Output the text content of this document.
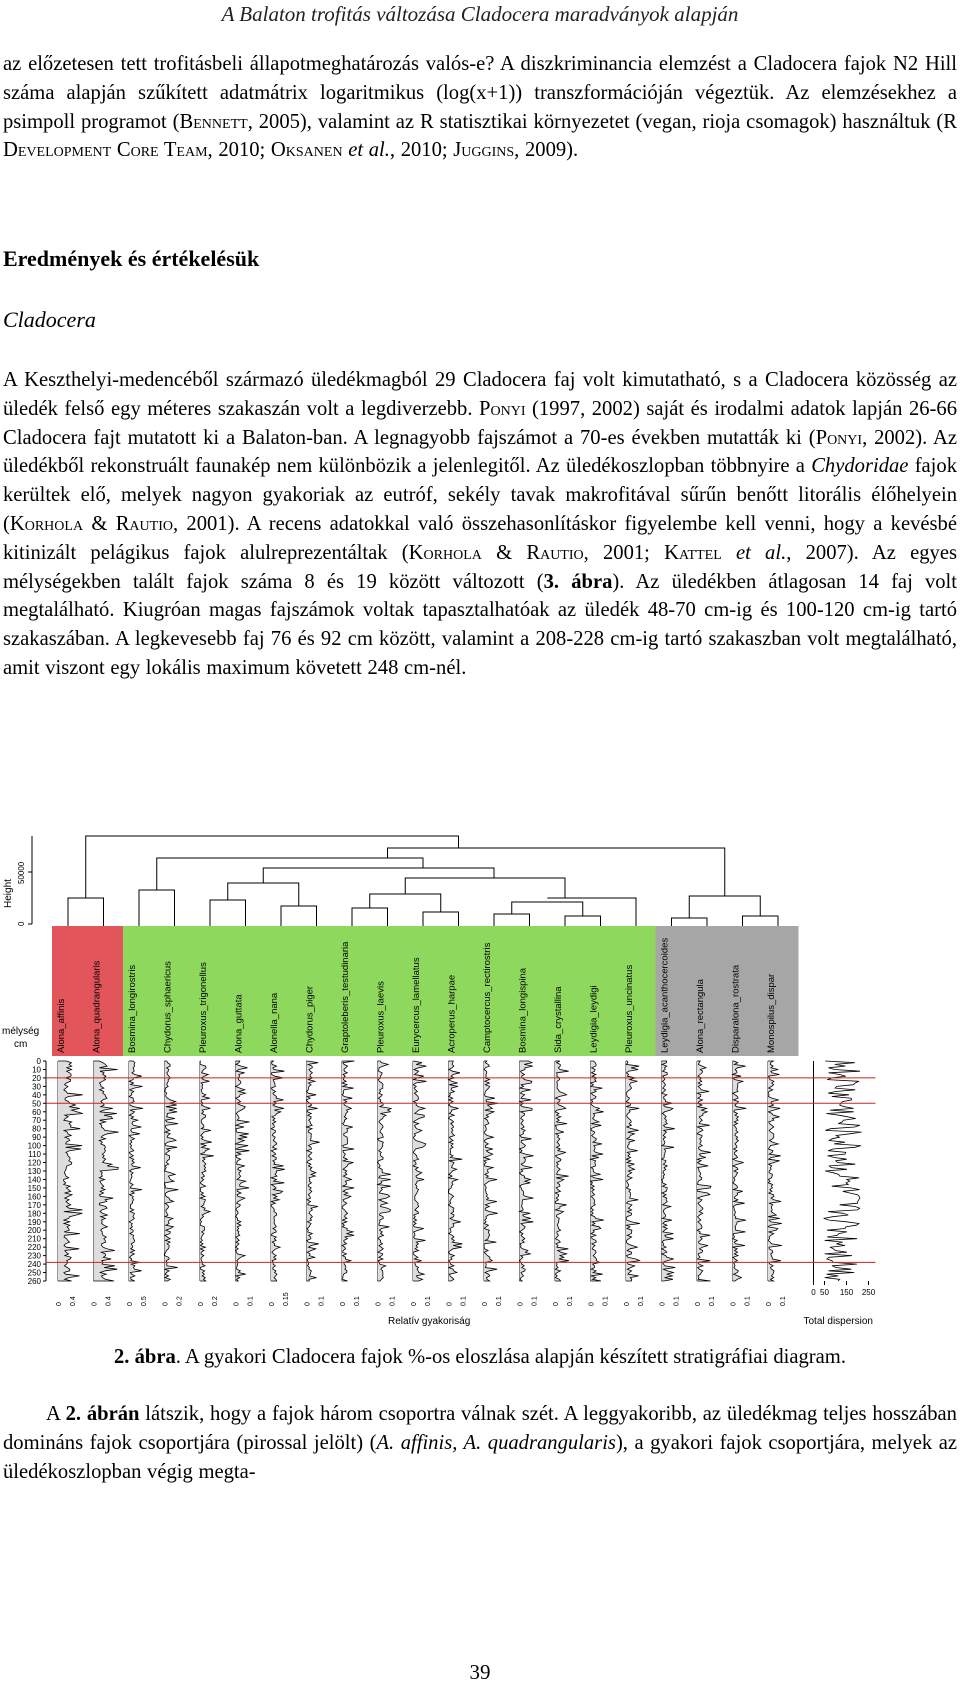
A Balaton trofitás változása Cladocera maradványok alapján
az előzetesen tett trofitásbeli állapotmeghatározás valós-e? A diszkriminancia elemzést a Cladocera fajok N2 Hill száma alapján szűkített adatmátrix logaritmikus (log(x+1)) transzformációján végeztük. Az elemzésekhez a psimpoll programot (Bennett, 2005), valamint az R statisztikai környezetet (vegan, rioja csomagok) használtuk (R Development Core Team, 2010; Oksanen et al., 2010; Juggins, 2009).
Eredmények és értékelésük
Cladocera
A Keszthelyi-medencéből származó üledékmagból 29 Cladocera faj volt kimutatható, s a Cladocera közösség az üledék felső egy méteres szakaszán volt a legdiverzebb. Ponyi (1997, 2002) saját és irodalmi adatok lapján 26-66 Cladocera fajt mutatott ki a Balaton-ban. A legnagyobb fajszámot a 70-es években mutatták ki (Ponyi, 2002). Az üledékből rekonstruált faunakép nem különbözik a jelenlegitől. Az üledékoszlopban többnyire a Chydoridae fajok kerültek elő, melyek nagyon gyakoriak az eutróf, sekély tavak makrofitával sűrűn benőtt litorális élőhelyein (Korhola & Rautio, 2001). A recens adatokkal való összehasonlításkor figyelembe kell venni, hogy a kevésbé kitinizált pelágikus fajok alulreprezentáltak (Korhola & Rautio, 2001; Kattel et al., 2007). Az egyes mélységekben talált fajok száma 8 és 19 között változott (3. ábra). Az üledékben átlagosan 14 faj volt megtalálható. Kiugróan magas fajszámok voltak tapasztalhatóak az üledék 48-70 cm-ig és 100-120 cm-ig tartó szakaszában. A legkevesebb faj 76 és 92 cm között, valamint a 208-228 cm-ig tartó szakaszban volt megtalálható, amit viszont egy lokális maximum követett 248 cm-nél.
Alona_affinis	Alona_quadrangularis	Bosmina_longirostris	Chydorus_sphaericus	Pleuroxus_trigonellus	Alona_guttata	Alonella_nana	Chydorus_piger	Graptoleberis_testudinaria	Pleuroxus_laevis	Eurycercus_lamellatus	Acroperus_harpae	Camptocercus_rectirostris	Bosmina_longispina	Sida_crystallina	Leydigia_leydigi	Pleuroxus_uncinatus	Leydigia_acanthocercoides	Alona_rectangula	Disparalona_rostrata	Monospilus_dispar
0
50000
Height
mélység
cm
0
10
20
30
40
50
60
70
80
90
100
110
120
130
140
150
160
170
180
190
200
210
220
230
240
250
260
0 0.4 0 0.4 0 0.5 0 0.2 0 0.2 0 0.1 0 0.15 0 0.1 0 0.1 0 0.1 0 0.1 0 0.1 0 0.1 0 0.1 0 0.1 0 0.1 0 0.1 0 0.1 0 0.1 0 0.1 0 0.1
0 50 150 250
Total dispersion
Relatív gyakoriság
2. ábra. A gyakori Cladocera fajok %-os eloszlása alapján készített stratigráfiai diagram.
A 2. ábrán látszik, hogy a fajok három csoportra válnak szét. A leggyakoribb, az üledékmag teljes hosszában domináns fajok csoportjára (pirossal jelölt) (A. affinis, A. quadrangularis), a gyakori fajok csoportjára, melyek az üledékoszlopban végig megta-
39
